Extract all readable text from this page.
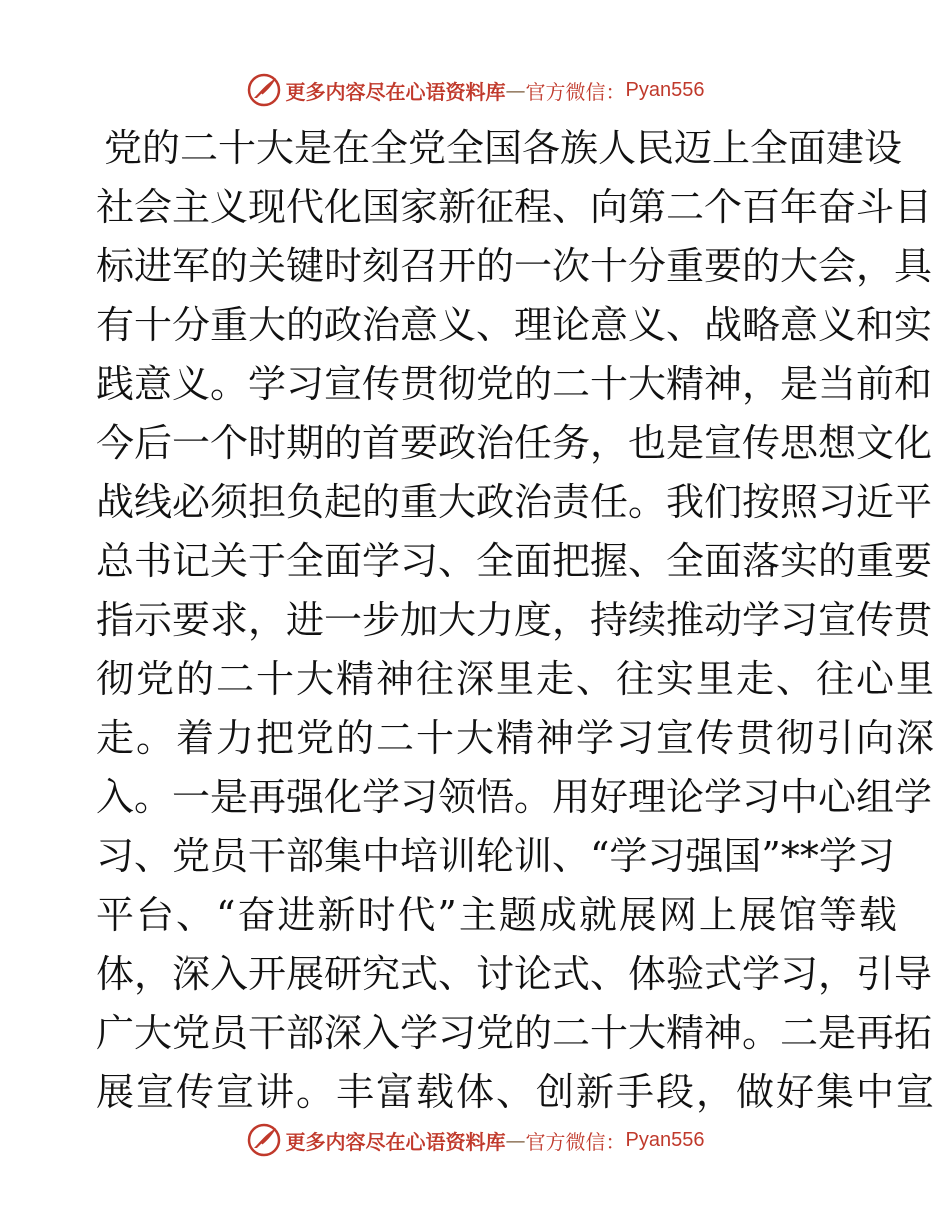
更多内容尽在心语资料库 — 官方微信： Pyan556
党的二十大是在全党全国各族人民迈上全面建设
社会主义现代化国家新征程、向第二个百年奋斗目
标进军的关键时刻召开的一次十分重要的大会，具
有十分重大的政治意义、理论意义、战略意义和实
践意义。学习宣传贯彻党的二十大精神，是当前和
今后一个时期的首要政治任务，也是宣传思想文化
战线必须担负起的重大政治责任。我们按照习近平
总书记关于全面学习、全面把握、全面落实的重要
指示要求，进一步加大力度，持续推动学习宣传贯
彻党的二十大精神往深里走、往实里走、往心里
走。着力把党的二十大精神学习宣传贯彻引向深
入。一是再强化学习领悟。用好理论学习中心组学
习、党员干部集中培训轮训、“学习强国”**学习
平台、“奋进新时代”主题成就展网上展馆等载
体，深入开展研究式、讨论式、体验式学习，引导
广大党员干部深入学习党的二十大精神。二是再拓
展宣传宣讲。丰富载体、创新手段，做好集中宣
更多内容尽在心语资料库 — 官方微信： Pyan556
